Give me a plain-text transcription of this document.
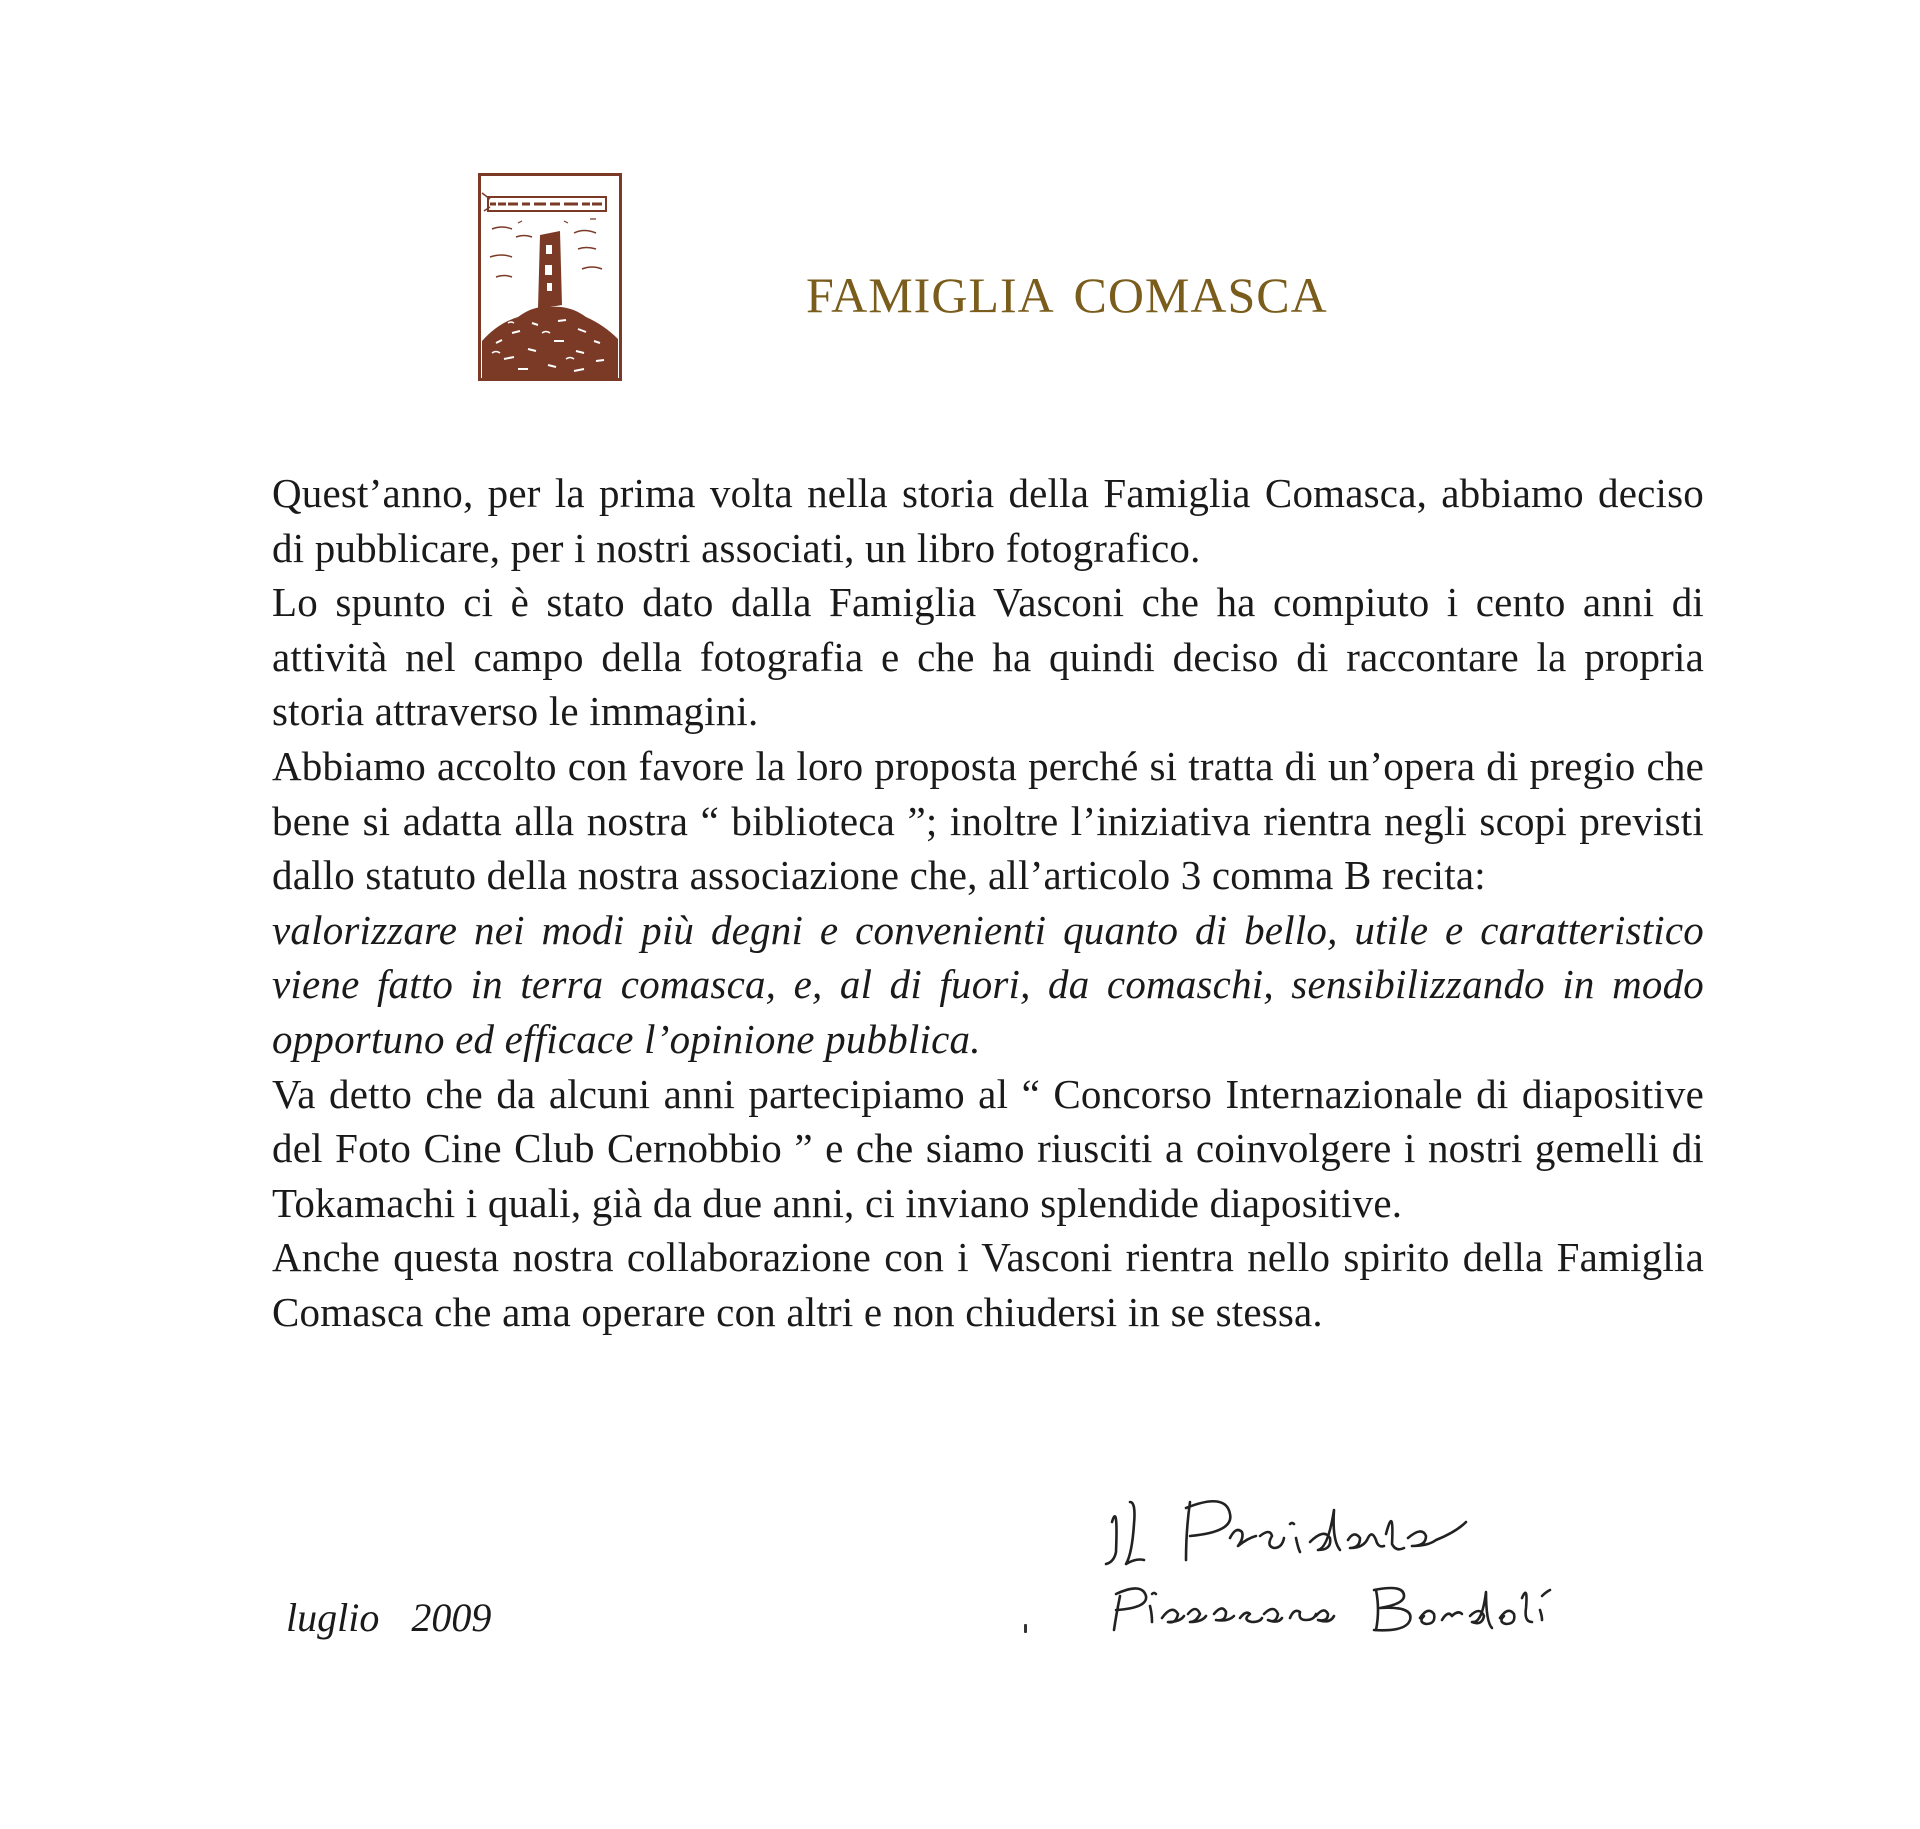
FAMIGLIA COMASCA

Quest’anno, per la prima volta nella storia della Famiglia Comasca, abbiamo deciso di pubblicare, per i nostri associati, un libro fotografico.

Lo spunto ci è stato dato dalla Famiglia Vasconi che ha compiuto i cento anni di attività nel campo della fotografia e che ha quindi deciso di raccontare la propria storia attraverso le immagini.

Abbiamo accolto con favore la loro proposta perché si tratta di un’opera di pregio che bene si adatta alla nostra “ biblioteca ”; inoltre l’iniziativa rientra negli scopi previsti dallo statuto della nostra associazione che, all’articolo 3 comma B recita:

valorizzare nei modi più degni e convenienti quanto di bello, utile e caratteristico viene fatto in terra comasca, e, al di fuori, da comaschi, sensibilizzando in modo opportuno ed efficace l’opinione pubblica.

Va detto che da alcuni anni partecipiamo al “ Concorso Internazionale di diapositive del Foto Cine Club Cernobbio ” e che siamo riusciti a coinvolgere i nostri gemelli di Tokamachi i quali, già da due anni, ci inviano splendide diapositive.

Anche questa nostra collaborazione con i Vasconi rientra nello spirito della Famiglia Comasca che ama operare con altri e non chiudersi in se stessa.

luglio 2009
